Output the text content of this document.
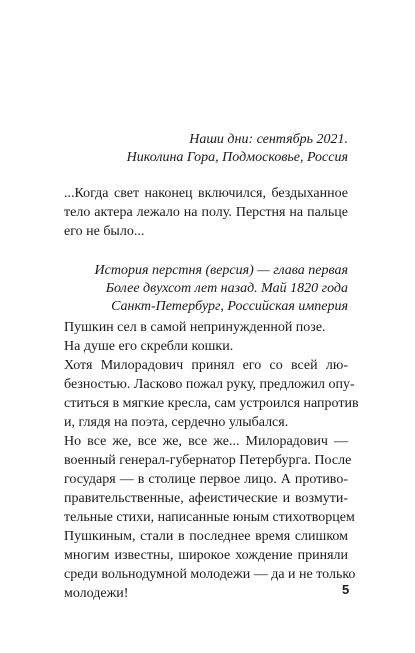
Наши дни: сентябрь 2021.
Николина Гора, Подмосковье, Россия
...Когда свет наконец включился, бездыханное
тело актера лежало на полу. Перстня на пальце
его не было...
История перстня (версия) — глава первая
Более двухсот лет назад. Май 1820 года
Санкт-Петербург, Российская империя
Пушкин сел в самой непринужденной позе.
На душе его скребли кошки.
Хотя Милорадович принял его со всей лю-
безностью. Ласково пожал руку, предложил опу-
ститься в мягкие кресла, сам устроился напротив
и, глядя на поэта, сердечно улыбался.
Но все же, все же, все же... Милорадович —
военный генерал-губернатор Петербурга. После
государя — в столице первое лицо. А противо-
правительственные, афеистические и возмути-
тельные стихи, написанные юным стихотворцем
Пушкиным, стали в последнее время слишком
многим известны, широкое хождение приняли
среди вольнодумной молодежи — да и не только
молодежи!	5
